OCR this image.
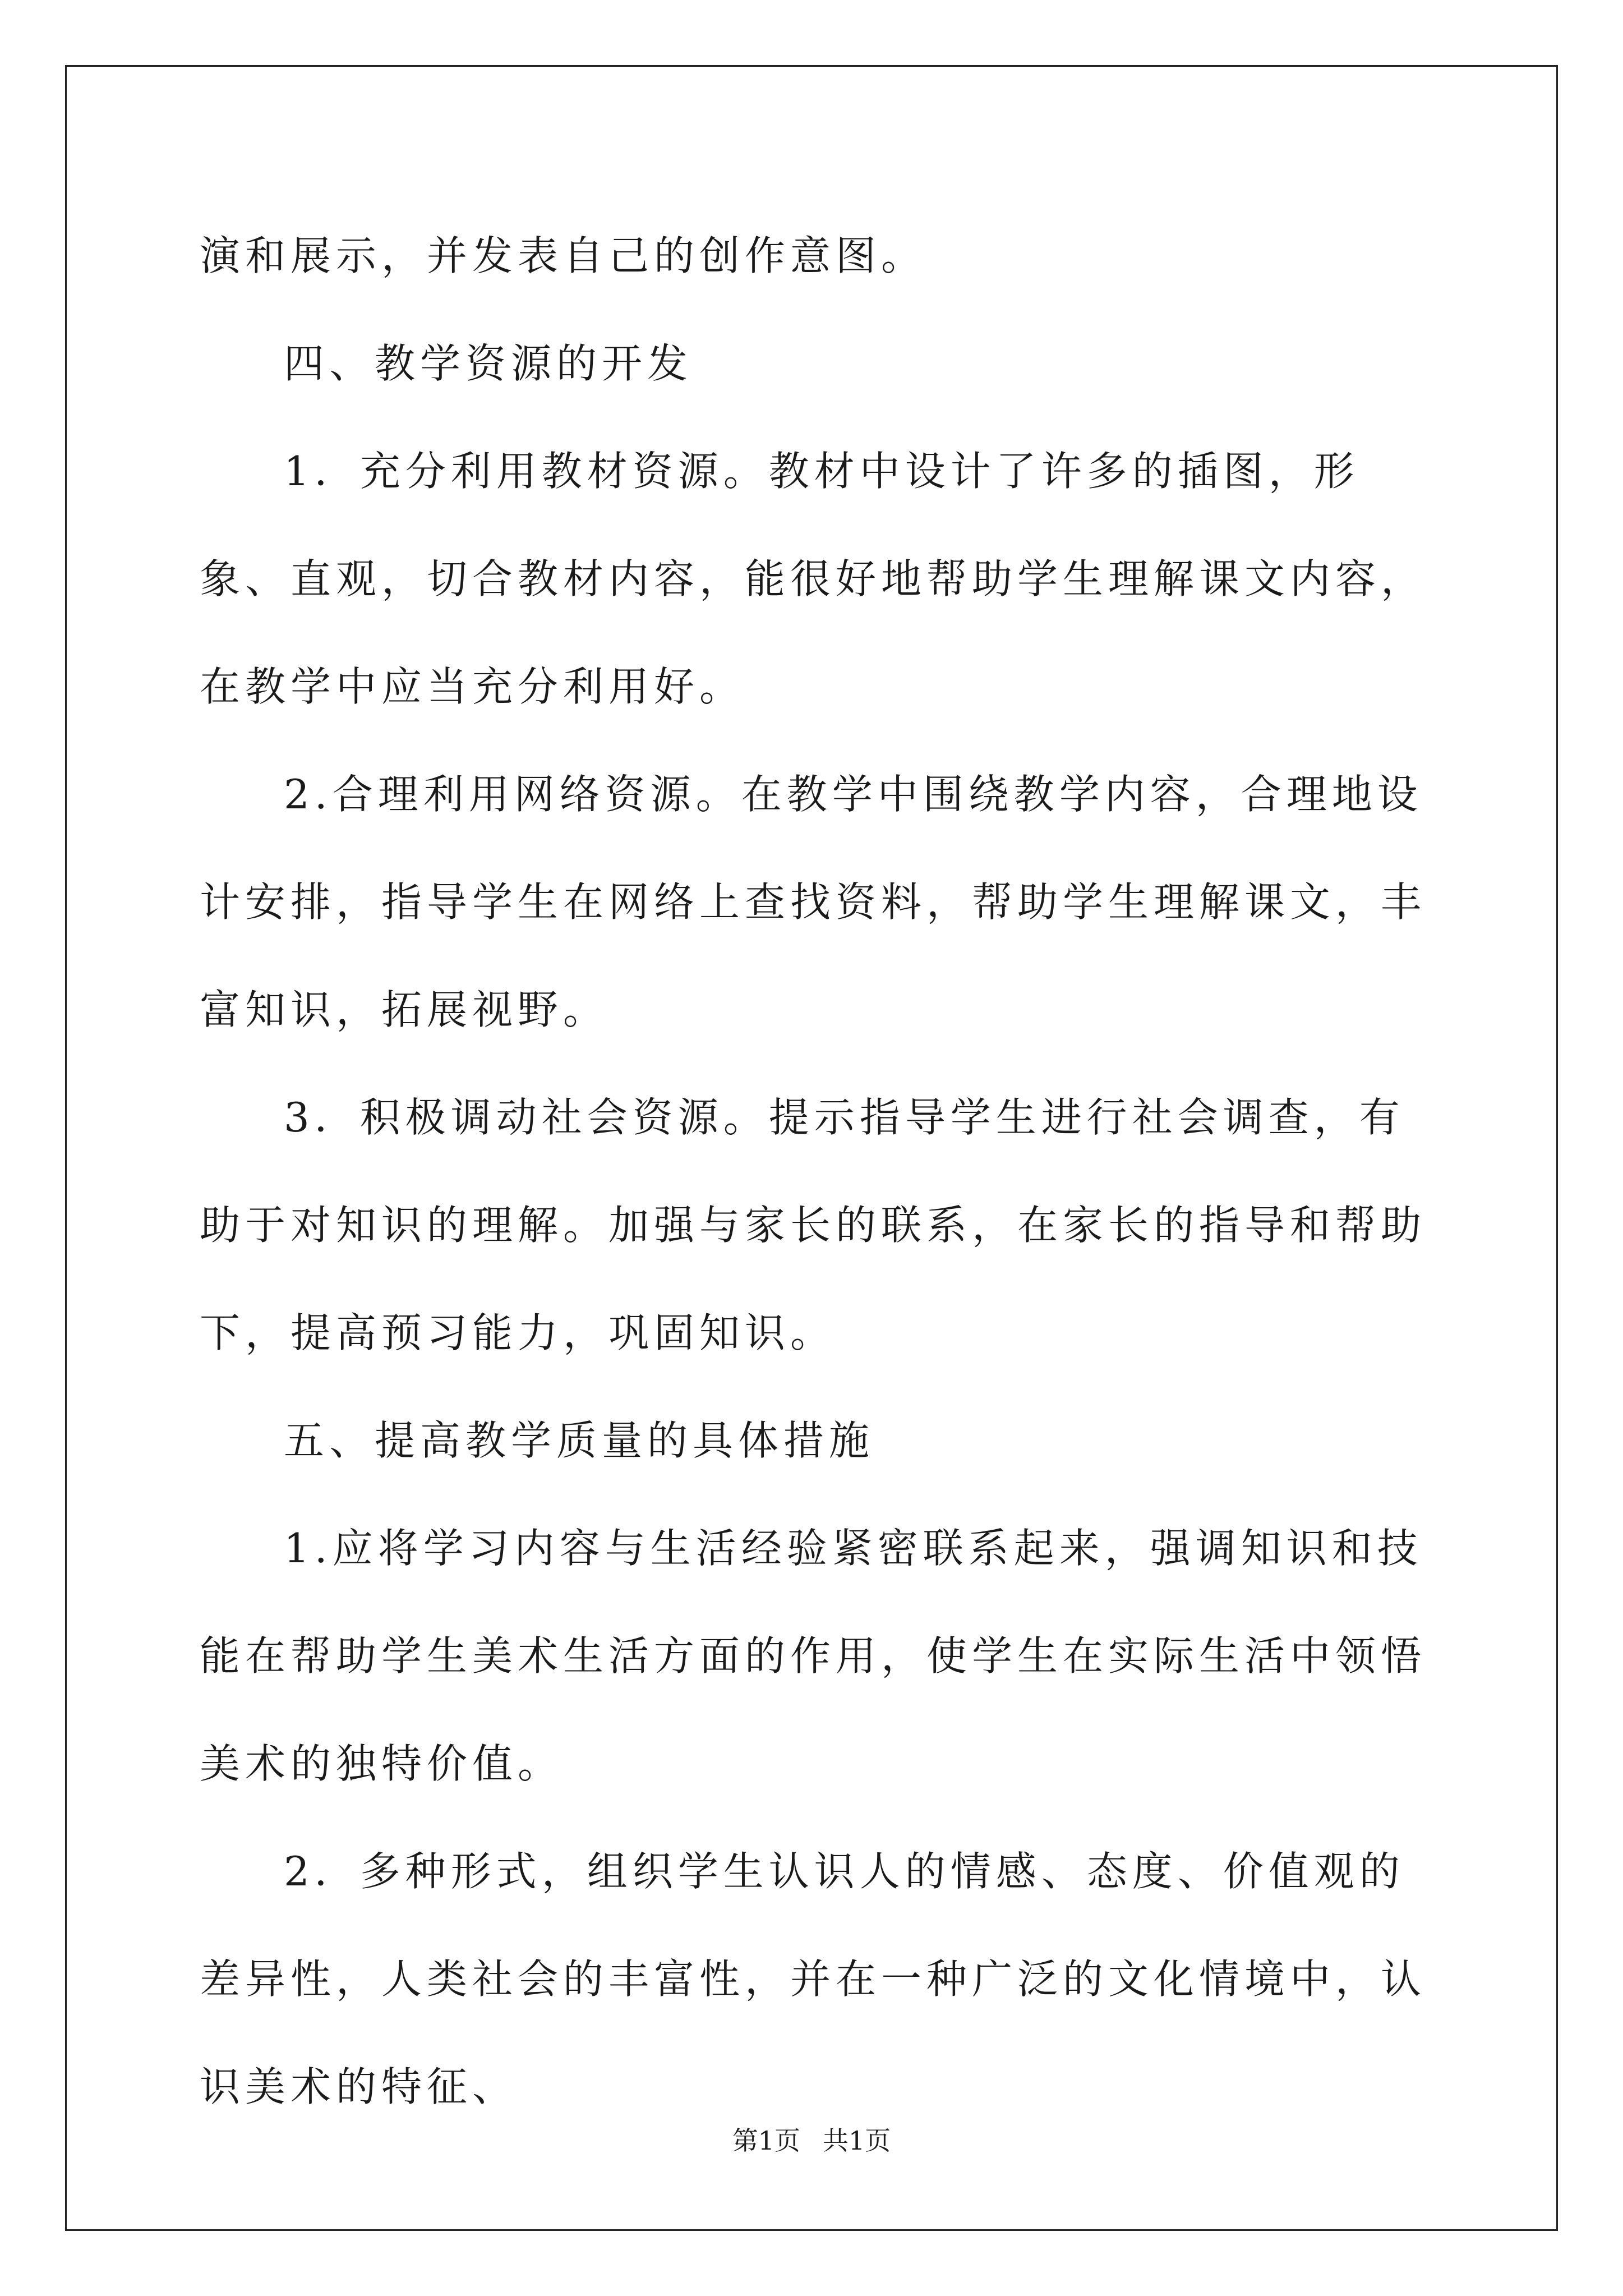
演和展示，并发表自己的创作意图。

四、教学资源的开发

1．充分利用教材资源。教材中设计了许多的插图，形象、直观，切合教材内容，能很好地帮助学生理解课文内容，在教学中应当充分利用好。

2.合理利用网络资源。在教学中围绕教学内容，合理地设计安排，指导学生在网络上查找资料，帮助学生理解课文，丰富知识，拓展视野。

3．积极调动社会资源。提示指导学生进行社会调查，有助于对知识的理解。加强与家长的联系，在家长的指导和帮助下，提高预习能力，巩固知识。

五、提高教学质量的具体措施

1.应将学习内容与生活经验紧密联系起来，强调知识和技能在帮助学生美术生活方面的作用，使学生在实际生活中领悟美术的独特价值。

2．多种形式，组织学生认识人的情感、态度、价值观的差异性，人类社会的丰富性，并在一种广泛的文化情境中，认识美术的特征、

第1页 共1页
